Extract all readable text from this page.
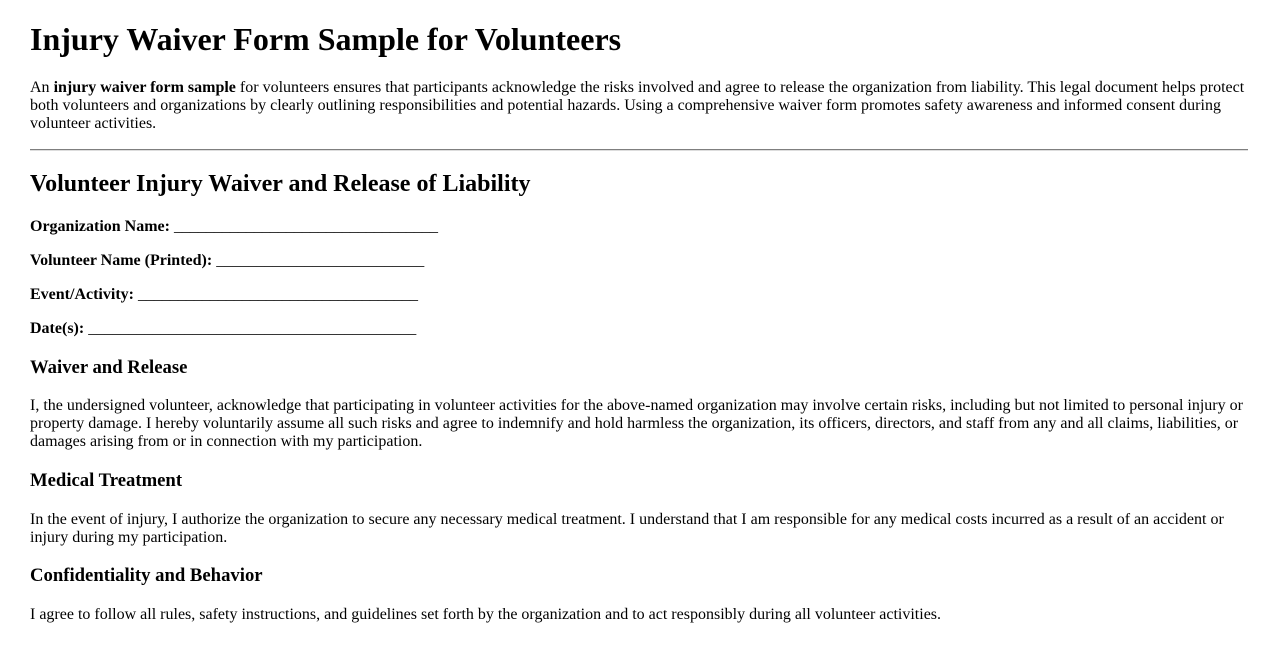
Injury Waiver Form Sample for Volunteers

An injury waiver form sample for volunteers ensures that participants acknowledge the risks involved and agree to release the organization from liability. This legal document helps protect both volunteers and organizations by clearly outlining responsibilities and potential hazards. Using a comprehensive waiver form promotes safety awareness and informed consent during volunteer activities.

Volunteer Injury Waiver and Release of Liability

Organization Name: _________________________________

Volunteer Name (Printed): __________________________

Event/Activity: ___________________________________

Date(s): _________________________________________

Waiver and Release

I, the undersigned volunteer, acknowledge that participating in volunteer activities for the above-named organization may involve certain risks, including but not limited to personal injury or property damage. I hereby voluntarily assume all such risks and agree to indemnify and hold harmless the organization, its officers, directors, and staff from any and all claims, liabilities, or damages arising from or in connection with my participation.

Medical Treatment

In the event of injury, I authorize the organization to secure any necessary medical treatment. I understand that I am responsible for any medical costs incurred as a result of an accident or injury during my participation.

Confidentiality and Behavior

I agree to follow all rules, safety instructions, and guidelines set forth by the organization and to act responsibly during all volunteer activities.
